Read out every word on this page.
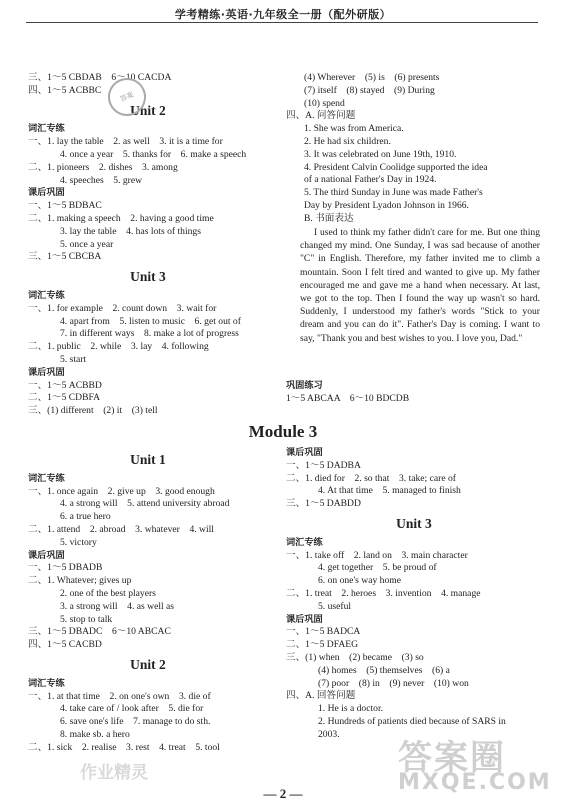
学考精练·英语·九年级全一册（配外研版）
三、1～5 CBDAB　6～10 CACDA
四、1～5 ACBBC
Unit 2
词汇专练
一、1. lay the table　2. as well　3. it is a time for
4. once a year　5. thanks for　6. make a speech
二、1. pioneers　2. dishes　3. among
4. speeches　5. grew
课后巩固
一、1～5 BDBAC
二、1. making a speech　2. having a good time
3. lay the table　4. has lots of things
5. once a year
三、1～5 CBCBA
Unit 3
词汇专练
一、1. for example　2. count down　3. wait for
4. apart from　5. listen to music　6. get out of
7. in different ways　8. make a lot of progress
二、1. public　2. while　3. lay　4. following
5. start
课后巩固
一、1～5 ACBBD
二、1～5 CDBFA
三、(1) different　(2) it　(3) tell
答案
(4) Wherever　(5) is　(6) presents
(7) itself　(8) stayed　(9) During
(10) spend
四、A. 问答问题
1. She was from America.
2. He had six children.
3. It was celebrated on June 19th, 1910.
4. President Calvin Coolidge supported the idea
of a national Father's Day in 1924.
5. The third Sunday in June was made Father's
Day by President Lyadon Johnson in 1966.
B. 书面表达
I used to think my father didn't care for me. But one thing changed my mind. One Sunday, I was sad because of another "C" in English. Therefore, my father invited me to climb a mountain. Soon I felt tired and wanted to give up. My father encouraged me and gave me a hand when necessary. At last, we got to the top. Then I found the way up wasn't so hard. Suddenly, I understood my father's words "Stick to your dream and you can do it". Father's Day is coming. I want to say, "Thank you and best wishes to you. I love you, Dad."
巩固练习
1～5 ABCAA　6～10 BDCDB
Module 3
Unit 1
词汇专练
一、1. once again　2. give up　3. good enough
4. a strong will　5. attend university abroad
6. a true hero
二、1. attend　2. abroad　3. whatever　4. will
5. victory
课后巩固
一、1～5 DBADB
二、1. Whatever; gives up
2. one of the best players
3. a strong will　4. as well as
5. stop to talk
三、1～5 DBADC　6～10 ABCAC
四、1～5 CACBD
Unit 2
词汇专练
一、1. at that time　2. on one's own　3. die of
4. take care of / look after　5. die for
6. save one's life　7. manage to do sth.
8. make sb. a hero
二、1. sick　2. realise　3. rest　4. treat　5. tool
课后巩固
一、1～5 DADBA
二、1. died for　2. so that　3. take; care of
4. At that time　5. managed to finish
三、1～5 DABDD
Unit 3
词汇专练
一、1. take off　2. land on　3. main character
4. get together　5. be proud of
6. on one's way home
二、1. treat　2. heroes　3. invention　4. manage
5. useful
课后巩固
一、1～5 BADCA
二、1～5 DFAEG
三、(1) when　(2) became　(3) so
(4) homes　(5) themselves　(6) a
(7) poor　(8) in　(9) never　(10) won
四、A. 回答问题
1. He is a doctor.
2. Hundreds of patients died because of SARS in
2003.
答案圈
MXQE.COM
作业精灵
— 2 —
